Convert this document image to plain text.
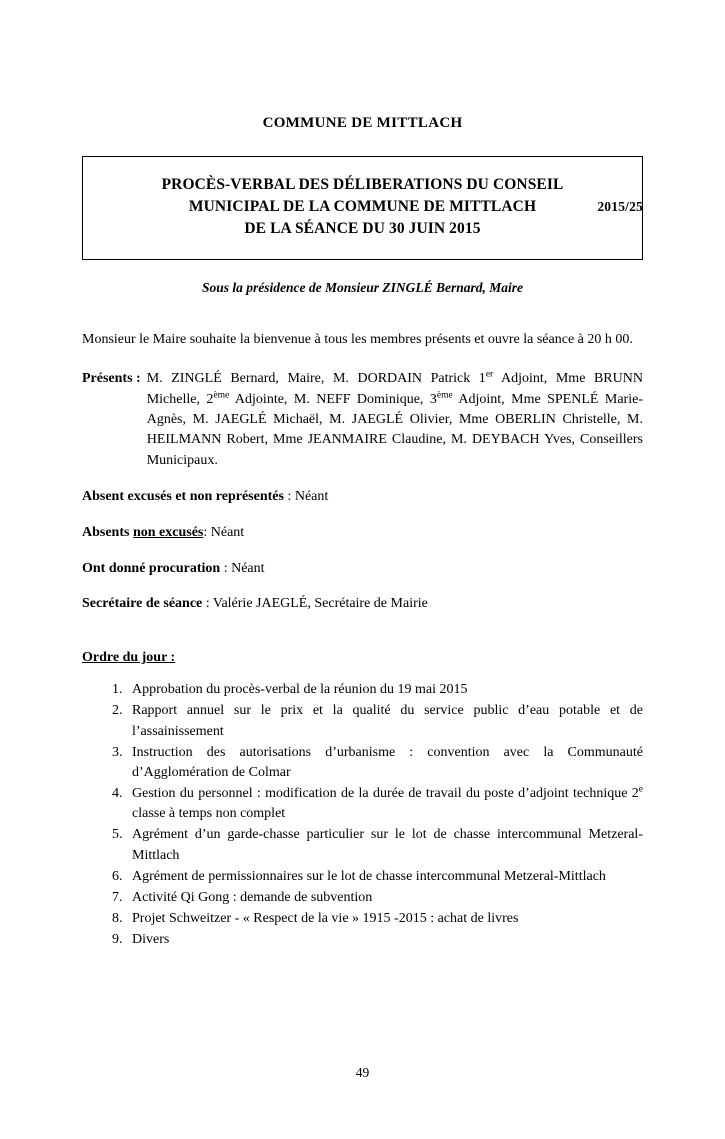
2015/25
COMMUNE DE MITTLACH
PROCÈS-VERBAL DES DÉLIBERATIONS DU CONSEIL
MUNICIPAL DE LA COMMUNE DE MITTLACH
DE LA SÉANCE DU 30 JUIN 2015
Sous la présidence de Monsieur ZINGLÉ Bernard, Maire
Monsieur le Maire souhaite la bienvenue à tous les membres présents et ouvre la séance à 20 h 00.
Présents : M. ZINGLÉ Bernard, Maire, M. DORDAIN Patrick 1er Adjoint, Mme BRUNN Michelle, 2ème Adjointe, M. NEFF Dominique, 3ème Adjoint, Mme SPENLÉ Marie-Agnès, M. JAEGLÉ Michaël, M. JAEGLÉ Olivier, Mme OBERLIN Christelle, M. HEILMANN Robert, Mme JEANMAIRE Claudine, M. DEYBACH Yves, Conseillers Municipaux.
Absent excusés et non représentés : Néant
Absents non excusés: Néant
Ont donné procuration : Néant
Secrétaire de séance : Valérie JAEGLÉ, Secrétaire de Mairie
Ordre du jour :
1. Approbation du procès-verbal de la réunion du 19 mai 2015
2. Rapport annuel sur le prix et la qualité du service public d’eau potable et de l’assainissement
3. Instruction des autorisations d’urbanisme : convention avec la Communauté d’Agglomération de Colmar
4. Gestion du personnel : modification de la durée de travail du poste d’adjoint technique 2e classe à temps non complet
5. Agrément d’un garde-chasse particulier sur le lot de chasse intercommunal Metzeral-Mittlach
6. Agrément de permissionnaires sur le lot de chasse intercommunal Metzeral-Mittlach
7. Activité Qi Gong : demande de subvention
8. Projet Schweitzer - « Respect de la vie » 1915 -2015 : achat de livres
9. Divers
49
